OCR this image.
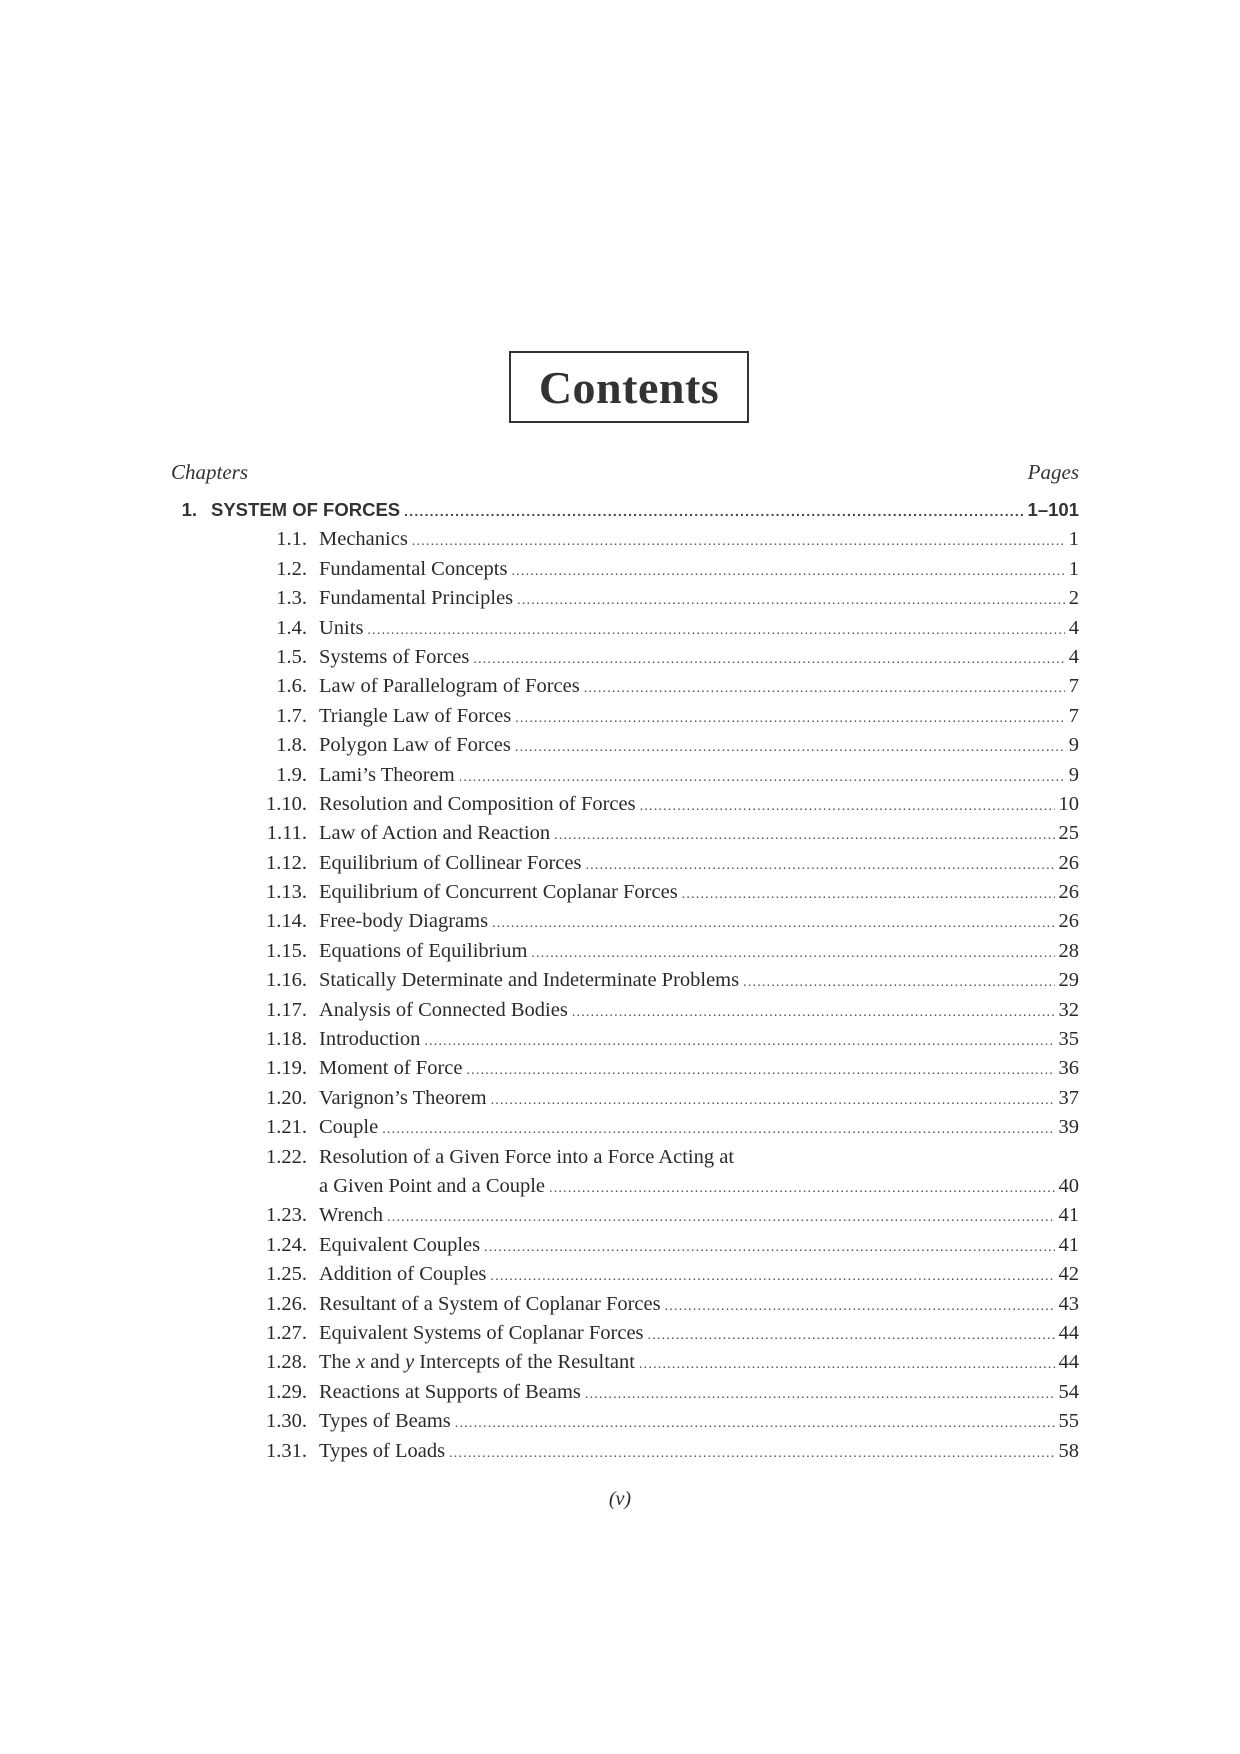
Contents
Chapters	Pages
1. SYSTEM OF FORCES .....	1–101
1.1. Mechanics .....	1
1.2. Fundamental Concepts .....	1
1.3. Fundamental Principles .....	2
1.4. Units .....	4
1.5. Systems of Forces .....	4
1.6. Law of Parallelogram of Forces .....	7
1.7. Triangle Law of Forces .....	7
1.8. Polygon Law of Forces .....	9
1.9. Lami’s Theorem .....	9
1.10. Resolution and Composition of Forces .....	10
1.11. Law of Action and Reaction .....	25
1.12. Equilibrium of Collinear Forces .....	26
1.13. Equilibrium of Concurrent Coplanar Forces .....	26
1.14. Free-body Diagrams .....	26
1.15. Equations of Equilibrium .....	28
1.16. Statically Determinate and Indeterminate Problems .....	29
1.17. Analysis of Connected Bodies .....	32
1.18. Introduction .....	35
1.19. Moment of Force .....	36
1.20. Varignon’s Theorem .....	37
1.21. Couple .....	39
1.22. Resolution of a Given Force into a Force Acting at
a Given Point and a Couple .....	40
1.23. Wrench .....	41
1.24. Equivalent Couples .....	41
1.25. Addition of Couples .....	42
1.26. Resultant of a System of Coplanar Forces .....	43
1.27. Equivalent Systems of Coplanar Forces .....	44
1.28. The x and y Intercepts of the Resultant .....	44
1.29. Reactions at Supports of Beams .....	54
1.30. Types of Beams .....	55
1.31. Types of Loads .....	58
(v)
